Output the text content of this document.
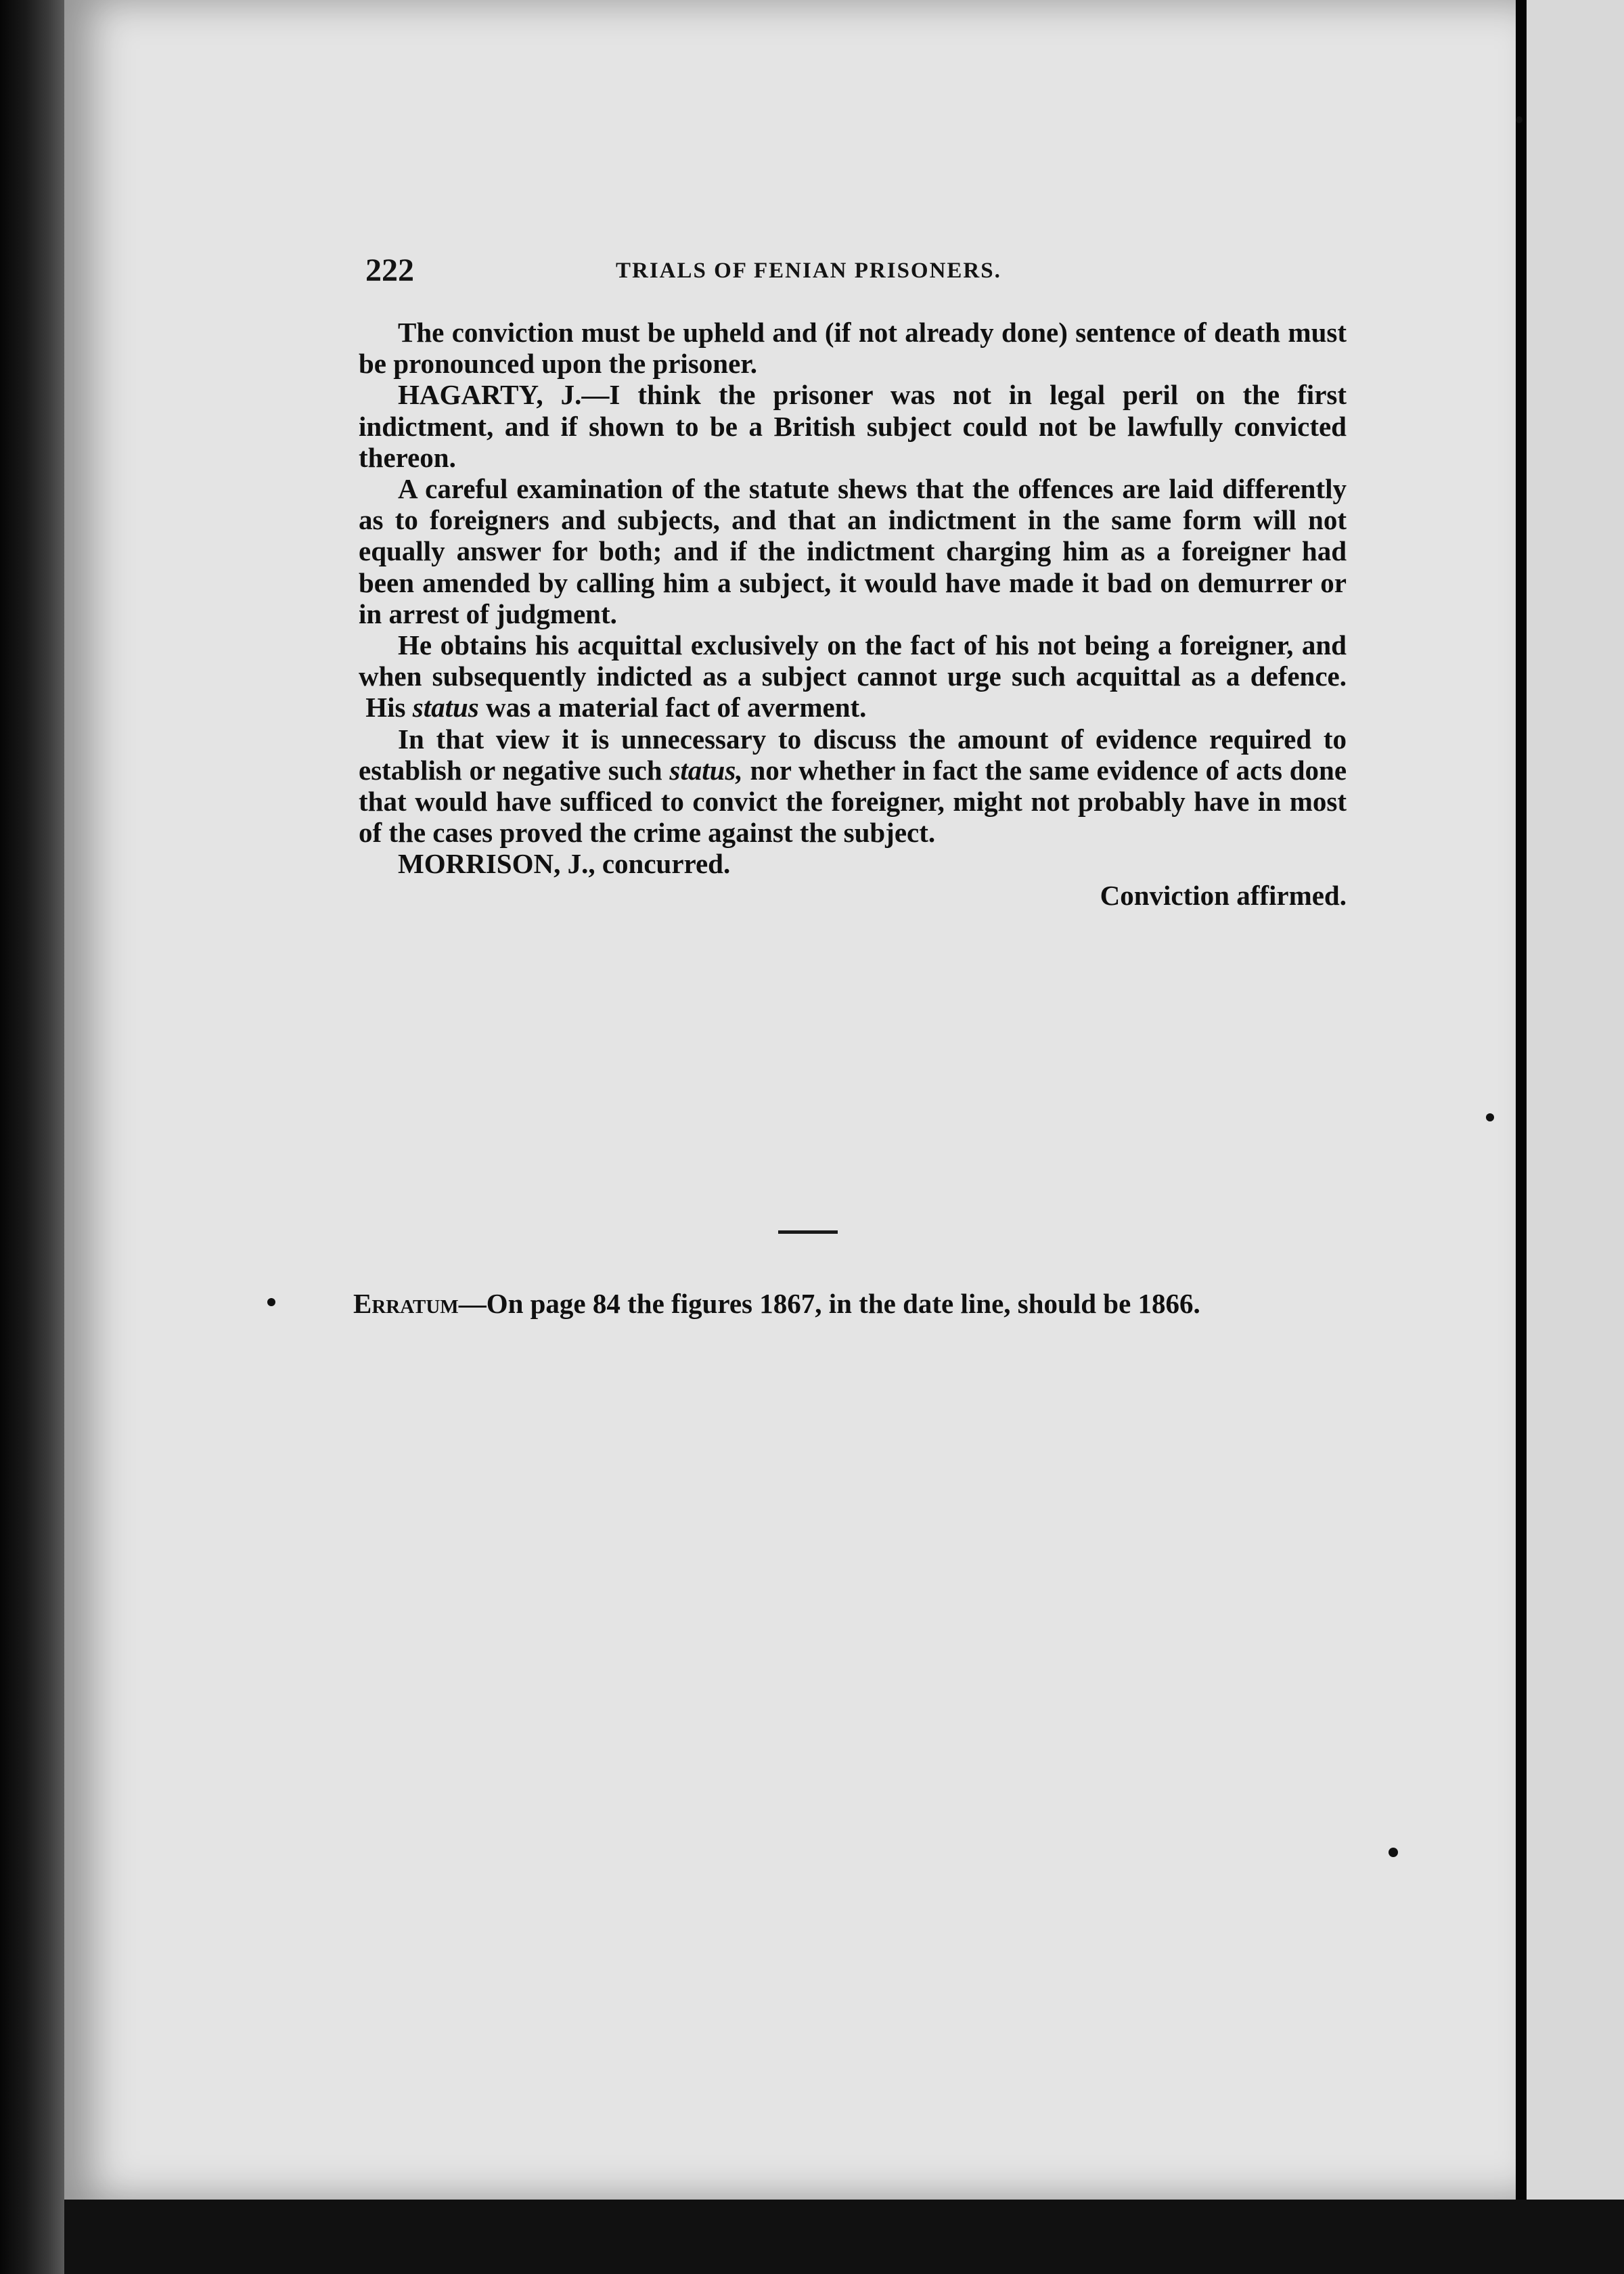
222	TRIALS OF FENIAN PRISONERS.

The conviction must be upheld and (if not already done) sentence of death must be pronounced upon the prisoner.

HAGARTY, J.—I think the prisoner was not in legal peril on the first indictment, and if shown to be a British subject could not be lawfully convicted thereon.

A careful examination of the statute shews that the offences are laid differently as to foreigners and subjects, and that an indictment in the same form will not equally answer for both; and if the indictment charging him as a foreigner had been amended by calling him a subject, it would have made it bad on demurrer or in arrest of judgment.

He obtains his acquittal exclusively on the fact of his not being a foreigner, and when subsequently indicted as a subject cannot urge such acquittal as a defence.  His status was a material fact of averment.

In that view it is unnecessary to discuss the amount of evidence required to establish or negative such status, nor whether in fact the same evidence of acts done that would have sufficed to convict the foreigner, might not probably have in most of the cases proved the crime against the subject.

MORRISON, J., concurred.

Conviction affirmed.

Erratum—On page 84 the figures 1867, in the date line, should be 1866.
